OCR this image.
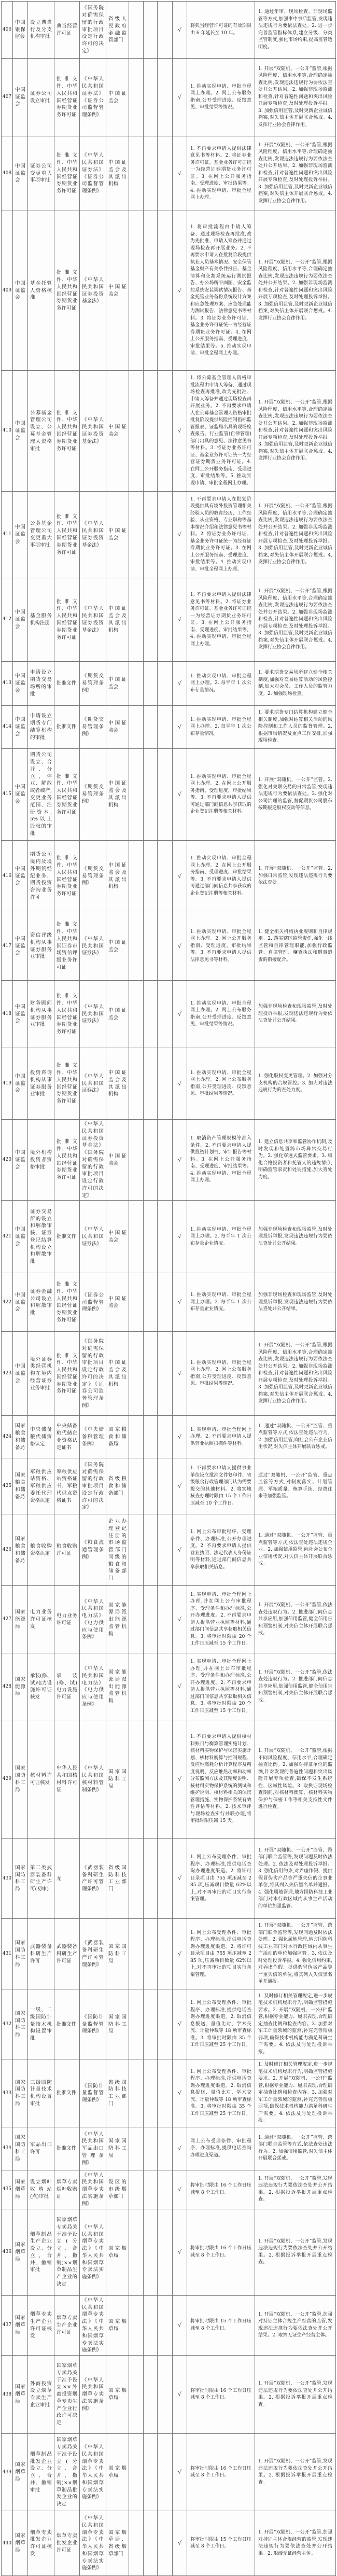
406	中国银保监会	设立典当行及分支机构审批	典当经营许可证	《国务院对确需保留的行政审批项目设定行政许可的决定》	省级人民政府金融监管部门				√	将典当经营许可证的有效期限由 6 年延长至 10 年。	1. 通过年审、现场检查、非现场监管等方式,加强事中事后监管,发现违法违规行为要依法查处。2. 进一步完善监管指标体系,建立分级、分类监管制度,强化市场约束,提高监管透明度。
407	中国证监会	证券公司设立审批	批准文件、中华人民共和国经营证券期货业务许可证	《中华人民共和国证券法》《证券公司监督管理条例》	中国证监会				√	1. 推动实现申请、审批全程网上办理。2. 网上公布服务指南,公开受理进度、反馈意见、审批结果等情况。	1. 开展“双随机、一公开”监管,根据风险程度、信用水平等,合理确定抽查比例,发现违法违规行为要依法查处并公开结果。2. 加强非现场监测和检查,针对普遍性问题和突出风险开展专项检查,及时处理投诉举报。3. 加强信用监管,及时更新企业诚信档案,对失信主体开展联合惩戒。4. 发挥行业协会自律作用。
408	中国证监会	证券公司变更重大事项审批	批准文件、中华人民共和国经营证券期货业务许可证	《中华人民共和国证券法》《证券公司监督管理条例》	中国证监会及其派出机构				√	1. 不再要求申请人提供法律意见书等材料。2. 将证券业务许可证、基金业务许可证统一为经营证券期货业务许可证。3. 在网上公开服务指南、受理进度、审批结果等。4. 推动实现申请、审批全程网上办理。	1. 开展“双随机、一公开”监管,根据风险程度、信用水平等,合理确定抽查比例,发现违法违规行为要依法查处并公开结果。2. 加强非现场监测和检查,针对普遍性问题和突出风险开展专项检查,及时处理投诉举报。3. 加强信用监管,及时更新企业诚信档案,对失信主体开展联合惩戒。4. 发挥行业协会自律作用。
409	中国证监会	基金托管人资格核准	批准文件、中华人民共和国经营证券期货业务许可证	《中华人民共和国证券投资基金法》	中国证监会				√	1. 将审批流程由申请人筹备、通过现场检查再批准,改为先批准、申请人筹备并通过现场检查再开展业务。2. 不再要求申请人在批复阶段提供执业人员基本情况、安全保管基金财产有关条件报告、基金清算和交割系统运行测试报告、办公场所平面图、安全监控系统安装调试情况报告、基金托管业务备份系统设计方案和应急处理方案、应急处理能力测试报告、法律意见书等材料。3. 将证券业务许可证、基金业务许可证统一为经营证券期货业务许可证。4. 在网上公开服务指南、受理进度、审批结果等。5. 推动实现申请、审批全程网上办理。	1. 开展“双随机、一公开”监管,根据风险程度、信用水平等,合理确定抽查比例,发现违法违规行为要依法查处并公开结果。2. 加强非现场监测和检查,针对普遍性问题和突出风险开展专项检查,及时处理投诉举报。3. 加强信用监管,及时更新企业诚信档案,对失信主体开展联合惩戒。4. 发挥行业协会自律作用。
410	中国证监会	公募基金管理公司设立、公募基金管理人资格审批	批准文件、中华人民共和国经营证券期货业务许可证	《中华人民共和国证券投资基金法》	中国证监会				√	1. 将公募基金管理人资格审批流程由申请人筹备、通过现场检查再批准,改为先批准、申请人筹备并通过现场检查再开展业务。2. 不再要求申请人在公募基金管理人资格审批批复阶段提供风险控制指标监管报表、证监局出具的现场检查报告、行业监管(自律管理)部门出具的意见、法律意见书等材料。3. 将证券业务许可证、基金业务许可证统一为经营证券期货业务许可证。4. 在网上公开服务指南、受理进度、审批结果等。5. 推动实现申请、审批全程网上办理。	1. 开展“双随机、一公开”监管,根据风险程度、信用水平等,合理确定抽查比例,发现违法违规行为要依法查处并公开结果。2. 加强非现场监测和检查,针对普遍性问题和突出风险开展专项检查,及时处理投诉举报。3. 加强信用监管,及时更新企业诚信档案,对失信主体开展联合惩戒。4. 发挥行业协会自律作用。
411	中国证监会	公募基金管理公司变更重大事项审批	批准文件、中华人民共和国经营证券期货业务许可证	《中华人民共和国证券投资基金法》	中国证监会				√	1. 不再要求申请人在批复阶段提供具有境外投资管理相关经验人员的教育经历、工作经验、从业资格、专业职称等基本情况介绍和法律意见书等材料。2. 将证券业务许可证、基金业务许可证统一为经营证券期货业务许可证。3. 在网上公开服务指南、受理进度、审批结果等。4. 推动实现申请、审批全程网上办理。	1. 开展“双随机、一公开”监管,根据风险程度、信用水平等,合理确定抽查比例,发现违法违规行为要依法查处并公开结果。2. 加强非现场监测和检查,针对普遍性问题和突出风险开展专项检查,及时处理投诉举报。3. 加强信用监管,及时更新企业诚信档案,对失信主体开展联合惩戒。4. 发挥行业协会自律作用。
412	中国证监会	基金服务机构注册	批准文件、中华人民共和国经营证券期货业务许可证	《中华人民共和国证券投资基金法》	中国证监会及其派出机构				√	1. 不再要求申请人提供法律意见书等材料。2. 将证券业务许可证、基金业务许可证统一为经营证券期货业务许可证。3. 在网上公开服务指南、受理进度、审批结果等。4. 推动实现申请、审批全程网上办理。	1. 开展“双随机、一公开”监管,根据风险程度、信用水平等,合理确定抽查比例,发现违法违规行为要依法查处并公开结果。2. 加强非现场监测和检查,针对普遍性问题和突出风险开展专项检查,及时处理投诉举报。3. 加强信用监管,及时更新企业诚信档案,对失信主体开展联合惩戒。4. 发挥行业协会自律作用。
413	中国证监会	申请设立期货交易场所的审批	批准文件	《期货交易管理条例》	中国证监会				√	1. 推动实现申请、审批全程网上办理。2. 每半年 1 次公布存量情况。	1. 要求期货交易场所建立健全相关制度,加强对交易结算活动的风险控制,加大对会员、工作人员的监管力度。2. 加强现场检查。
414	中国证监会	申请设立期货专门结算机构的审批	批准文件	《期货交易管理条例》	中国证监会				√	1. 推动实现申请、审批全程网上办理。2. 每半年 1 次公布存量情况。	1. 要求期货专门结算机构建立健全相关制度,加强对结算相关活动的风险控制和工作人员的监督管理。2. 根据市场情况及重点工作安排,加强现场检查。
415	中国证监会	期货公司设立、合并、分立、停业、解散或者破产,变更业务范围、注册资本,5%以上股权的审批	批准文件、中华人民共和国经营证券期货业务许可证	《期货交易管理条例》	中国证监会及其派出机构				√	1. 推动实现申请、审批全程网上办理。2. 在网上公开服务指南、受理进度、审批结果等。3. 不再要求申请人提供可通过部门间信息共享获取的企业登记注册等相关材料。	1. 开展“双随机、一公开”监管。2. 强化对关联交易的日常监管,发现违法违规行为要依法查处。3. 强化对公司治理的监管,督促期货公司股东按期报送股权变动等信息。
416	中国证监会	期货公司境内及境外期货经纪业务、期货投资咨询业务许可	批准文件、中华人民共和国经营证券期货业务许可证	《期货交易管理条例》	中国证监会及其派出机构				√	1. 推动实现申请、审批全程网上办理。2. 在网上公开服务指南、受理进度、审批结果等。3. 不再要求申请人提供可通过部门间信息共享获取的企业登记注册等相关材料。	1. 开展“双随机、一公开”监管。2. 加强日常监管,发现违法违规行为要依法查处。
417	中国证监会	资信评级机构从事证券服务业审批	批准文件、中华人民共和国证券市场资信评级业务许可证	《中华人民共和国证券法》	中国证监会				√	1. 推动实现申请、审批全程网上办理。2. 网上公开服务指南、受理进度、审批结果等。3. 不再要求申请人提供法律意见书等材料。	1. 健全相关机构执业规则和自律规则。2. 落实辖区监管责任,强化一线监管和自律管理职能,加强行政监管、自律管理、稽查执法和刑事追责的衔接配合。
418	中国证监会	财务顾问机构从事证券服务业审批	批准文件、中华人民共和国经营证券期货业务许可证	《中华人民共和国证券法》	中国证监会				√	1. 推动实现申请、审批全程网上办理。2. 网上公布服务指南,公开受理进度、反馈意见、审批结果等情况。	加强非现场检查和现场监管,及时处理投诉举报,发现违法违规行为要依法查处并公开结果。
419	中国证监会	投资咨询机构从事证券服务业审批	批准文件、中华人民共和国经营证券期货业务许可证	《中华人民共和国证券法》	中国证监会及其派出机构				√	1. 推动实现申请、审批全程网上办理。2. 网上公布服务指南,公开受理进度、反馈意见、审批结果等情况。	1. 强化股权变更管理。2. 加强对分支机构的合规管控。3. 加大对违法违规行为的查处力度。
420	中国证监会	境外机构投资者资格审批	批准文件、中华人民共和国经营证券期货业务许可证	《中华人民共和国证券投资基金法》《国务院对确需保留的行政审批项目设定行政许可的决定》	中国证监会				√	1. 取消资产管理规模等准入条件。2. 不再要求申请人提供投资计划书、审计报告等材料。3. 在网上公开服务指南、受理进度、审批结果等。4. 推动实现申请、审批全程网上办理。	1. 建立信息共享和监管协作机制,及时发现和处置跨市场异常交易行为。2. 强化穿透式监管要求。3. 细化合格投资者和托管人的违规情形,明确监管职责和处罚措施,加大查处力度。
421	中国证监会	证券交易所的设立和解散审核、证券登记结算机构设立和解散审批	批准文件	《中华人民共和国证券法》	中国证监会				√	1. 推动实现申请、审批全程网上办理。2. 每半年 1 次公布存量企业情况。	加强非现场检查和现场监管,及时处理投诉举报,发现违法违规行为要依法查处并公开结果。
422	中国证监会	证券金融公司设立和解散审批	批准文件、中华人民共和国经营证券期货业务许可证	《证券公司监督管理条例》	中国证监会				√	1. 推动实现申请、审批全程网上办理。2. 每半年 1 次公布存量企业情况。	加强非现场检查和现场监管,及时处理投诉举报,发现违法违规行为要依法查处并公开结果。
423	中国证监会	境外证券类经营机构在境内经营证券业务审批	批准文件、中华人民共和国经营证券期货业务许可证	《国务院对确需保留的行政审批项目设定行政许可的决定》《证券公司监督管理条例》	中国证监会及其派出机构				√	1. 推动实现申请、审批全程网上办理。2. 网上公布服务指南,公开受理进度、反馈意见、审批结果等情况。	1. 开展“双随机、一公开”监管,根据风险程度、信用水平等,合理确定抽查比例,发现违法违规行为要依法查处并公开结果。2. 加强非现场监测和检查,针对普遍性问题和突出风险开展专项检查,及时处理投诉举报。3. 加强信用监管,及时更新企业诚信档案,对失信主体开展联合惩戒。4. 发挥行业协会自律作用。
424	国家粮食和储备局	中央储备粮代储资格认定	中央储备粮代储企业资格认定证书	《中央储备粮管理条例》	国家粮食和储备局				√	1. 实现申请、审批全程网上办理。2. 不再要求申请人提供营业执照扫描件等材料。	1. 通过“双随机、一公开”监管、重点监管等方式,依法查处违法行为。2. 加强信用监管,向社会公布企业信用状况,对失信主体开展联合惩戒。
425	国家粮食和储备局	军粮供应站资格、军粮供应委托代理资格认定	军粮供应站资格证书、军粮代供点资格证书	《国务院对确需保留的行政审批项目设定行政许可的决定》	省级粮食和储备部门				√	1. 不再要求申请人提供事业单位设立批准文件复印件、省级粮食行政管理部门认为需要提交的其他材料。2. 将实地核查办理时限由 15 个工作日压减至 10 个工作日。	通过“双随机、一公开”监管、重点监管等方式,对制度落实、计划管理、军粮质量、核算手续、经费往来等加强监管。
426	国家粮食和储备局	粮食收购资格认定	粮食收购许可证	《粮食流通管理条例》	企业办理登记注册的市场监管部门同级的粮食和储备部门				√	1. 网上公布审批程序、受理条件、办理标准,公开办理进度。2. 不再要求申请人提供营业执照、法定代表人身份证明等材料,通过部门间信息共享获取相关信息。	1. 通过“双随机、一公开”监管、重点监管等方式,依法查处违法违规企业。2. 加强信用监管,向社会公布企业信用状况,对失信主体开展联合惩戒。
427	国家能源局	电力业务许可证核发	电力业务许可证	《中华人民共和国电力法》《电力供应与使用条例》	国家能源局派出能源监管机构				√	1. 实现申请、审批全程网上办理,并在网上公布审批程序、受理条件和办理标准,公开办理进度。2. 不再要求申请人提供营业执照等材料,通过部门间信息共享获取相关信息。3. 将审批时限由 20 个工作日压减至 15 个工作日。	1. 开展“双随机、一公开”监管,依法查处违规行为。2. 推进部门间信息共享应用,加强信用监管,健全信用告知预警机制,对失信主体开展联合惩戒。
428	国家能源局	承装(修、试)电力设施许可证核发	承装(修、试)电力设施许可证	《中华人民共和国电力法》《电力供应与使用条例》	国家能源局派出能源监管机构				√	1. 实现申请、审批全程网上办理,并在网上公布审批程序、受理条件和办理标准,公开办理进度。2. 不再要求申请人提供营业执照等材料,通过部门间信息共享获取相关信息。3. 将审批时限由 20 个工作日压减至 15 个工作日。	1. 开展“双随机、一公开”监管,依法查处违规行为。2. 推进部门间信息共享应用,加强信用监管,健全信用告知预警机制,对失信主体开展联合惩戒。
429	国家国防科工局	核材料许可证核发	中华人民共和国核材料许可证	《中华人民共和国核材料管制条例》	国家国防科工局				√	1. 不再要求申请人提供核材料账目与衡算管理实施计划、核材料实物保护与保密实施计划、核材料衡算与控制规程、反应堆燃耗分析计算程序及精度说明、反应堆热功率和功率分布监测方法及其精度说明、核材料实物保护系统的测试和维护说明、核材料相关的保密管理措施、实物保护系统有效性评估等材料。2. 技术审评与现场检查实行并联办理,将审批时限压减 15 天。	1. 开展“双随机、一公开”监管,根据不同风险程度、信用水平,合理确定抽查比例。2. 加强对持证单位的监测,针对发现的普遍性问题和突出风险开展专项检查,确保不发生系统性、区域性风险。3. 取换证现场检查期间,对核材料衡算、核材料实物保护与保密工作等相关支持性文件进行检查。
430	国家国防科工局	第二类武器装备科研生产许可(初审)	无	《武器装备科研生产许可管理条例》	省级国防科技工业部门				√	1. 网上公布受理条件、审批程序、办理标准,提供电话查询办理进度渠道。2. 将许可目录项目由 755 项压减至 285 项,压减项目数量 62%以上,对不再审批的项目实行备案管理。	1. 开展“双随机、一公开”监管、跨部门联合监管等,发现问题及时依法处理。2. 依法及时处理投诉举报。3. 强化信用约束,对弄虚作假、提供假冒伪劣产品等严重失信的企事业单位,将其列入失信黑名单并通报。4. 强化属地管理,地方国防科技工业部门对本行政区域内从事生产活动的单位加强监管。
431	国家国防科工局	武器装备科研生产许可	武器装备科研生产许可证	《武器装备科研生产许可管理条例》	国家国防科工局				√	1. 网上公布受理条件、审批程序、办理标准,提供电话查询办理进度渠道。2. 将许可目录项目由 755 项压减至 285 项,压减项目数量 62%以上,对不再审批的项目实行备案管理。	1. 开展“双随机、一公开”监管、跨部门联合监管等,发现问题及时依法处理。2. 强化属地管理,地方国防科技工业部门对本行政区域内从事生产活动的单位加强监管。3. 依法及时处理投诉举报。4. 强化信用约束,对弄虚作假、提供假冒伪劣产品等严重失信的单位,将其列入失信黑名单并通报。
432	国家国防科工局	一级、二级国防计量技术机构设置审批	批准文件	《国防计量监督管理条例》	国家国防科工局				√	1. 网上公布受理条件、审批程序、办理标准,提供电话查询办理进度渠道。2. 取消信息报送、量值比对、学术交流、计量仲裁等 18 项审查标准。3. 将审批时限由 35 个工作日压减至 25 个工作日。	1. 及时修订相关管理规定,进一步规范技术机构履职行为,明确监管措施要求。2. 开展“双随机、一公开”监管,根据专业能力、履职表现,合理确定抽查比例和检查内容。3. 加强对军工计量领域的监测,补充完善短板弱项,确保技术机构能力满足科研生产需要。4. 依法及时处理投诉举报。
433	国家国防科工局	三级国防计量技术机构设置审批	批准文件	《国防计量监督管理条例》	省级国防科技工业部门				√	1. 网上公布受理条件、审批程序、办理标准,提供电话查询办理进度渠道。2. 取消信息报送、量值比对、学术交流、计量仲裁等 18 项审查标准。3. 将审批时限由 35 个工作日压减至 25 个工作日。	1. 及时修订相关管理规定,进一步规范技术机构履职行为,明确监管措施要求。2. 开展“双随机、一公开”监管,根据专业能力、履职表现,合理确定抽查比例和检查内容。3. 加强对军工计量领域的监测,补充完善短板弱项,确保技术机构能力满足科研生产需要。4. 依法及时处理投诉举报。
434	国家国防科工局	军品出口许可	批准文件	《中华人民共和国军品出口管理条例》	国家国防科工局				√	网上公布受理条件、审批程序、办理标准,提供电话查询办理进度渠道。	1. 通过“双随机、一公开”监管、跨部门联合监管等方式,依法查处违法行为。2. 加强信用监管,对失信主体开展联合惩戒。
435	国家烟草局	设立烟叶收购站(点)审批	烟草专卖烟叶收购证	《中华人民共和国烟草专卖法实施条例》	设区的市级烟草部门				√	将审批时限由 16 个工作日压减至 8 个工作日。	1. 开展“双随机、一公开”监管,发现违法违规行为要依法查处并公开结果。2. 根据投诉举报开展重点检查。
436	国家烟草局	烟草制品生产企业设立、分立、合并、撤销审批	国家烟草专卖局关于准予设立(分立、合并、撤销)××烟草制品生产企业的决定	《中华人民共和国烟草专卖法》《中华人民共和国烟草专卖法实施条例》	国家烟草局				√	将审批时限由 16 个工作日压减至 8 个工作日。	1. 开展“双随机、一公开”监管,发现违法违规行为要依法查处并公开结果。2. 根据投诉举报开展重点检查。
437	国家烟草局	烟草专卖生产企业许可证核发	烟草专卖生产企业许可证	《中华人民共和国烟草专卖法》《中华人民共和国烟草专卖法实施条例》	国家烟草局				√	将审批时限由 15 个工作日压减至 8 个工作日。	1. 开展“双随机、一公开”监管,加强对持证主体合规生产经营的监管,发现违法违规行为要依法查处并公开结果。2. 取缔无证生产经营主体。
438	国家烟草局	外商投资设立烟草专卖生产企业审批	国家烟草专卖局关于准予设立××外商投资烟草专卖生产企业行政许可决定	《中华人民共和国烟草专卖法实施条例》	国家烟草局				√	将审批时限由 16 个工作日压减至 8 个工作日。	1. 开展“双随机、一公开”监管,发现违法违规行为要依法查处并公开结果。2. 根据投诉举报开展重点检查。
439	国家烟草局	烟草制品批发企业设立、分立、合并、撤销审批	国家烟草专卖局关于准予设立(分立、合并、撤销)××烟草制品批发企业的决定	《中华人民共和国烟草专卖法》《中华人民共和国烟草专卖法实施条例》	国家烟草局				√	将审批时限由 16 个工作日压减至 8 个工作日。	1. 开展“双随机、一公开”监管,发现违法违规行为要依法查处并公开结果。2. 根据投诉举报开展重点检查。
440	国家烟草局	烟草专卖批发企业许可证核发	烟草专卖批发企业许可证	《中华人民共和国烟草专卖法》《中华人民共和国烟草专卖法实施条例》	国家烟草局、省级烟草部门				√	将审批时限由 15 个工作日压减至 8 个工作日。	1. 开展“双随机、一公开”监管,加强对持证主体合规经营的监管,发现违法违规行为要依法查处并公开结果。2. 取缔无证经营主体。
